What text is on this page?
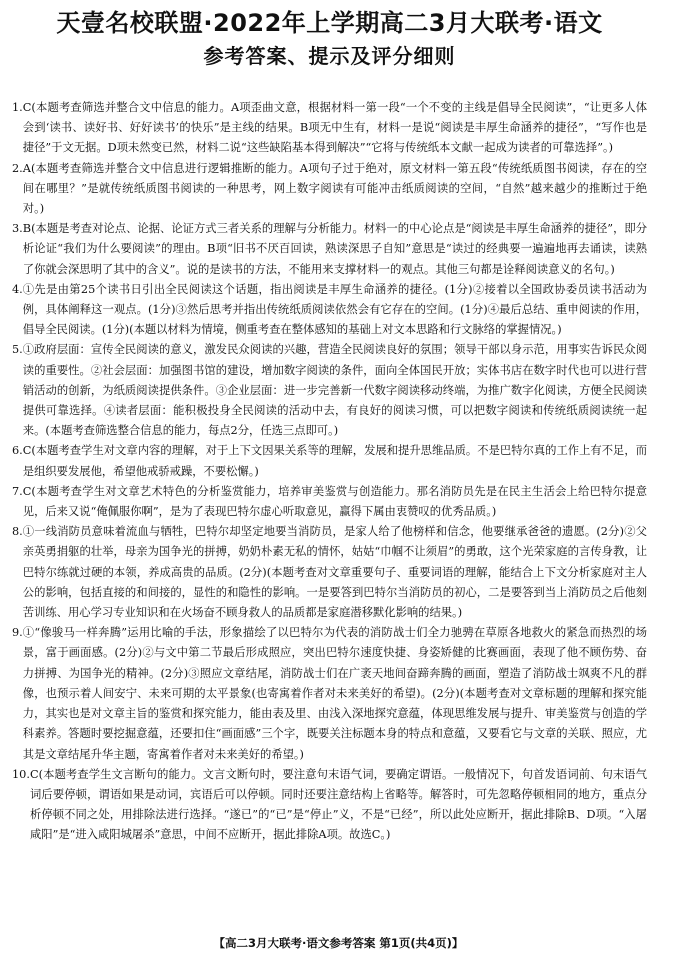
天壹名校联盟·2022年上学期高二3月大联考·语文
参考答案、提示及评分细则
1. C(本题考查筛选并整合文中信息的能力。A项歪曲文意，根据材料一第一段“一个不变的主线是倡导全民阅读”，“让更多人体会到‘读书、读好书、好好读书’的快乐”是主线的结果。B项无中生有，材料一是说“阅读是丰厚生命涵养的捷径”，“写作也是捷径”于文无据。D项未然变已然，材料二说“这些缺陷基本得到解决”“它将与传统纸本文献一起成为读者的可靠选择”。)
2. A(本题考查筛选并整合文中信息进行逻辑推断的能力。A项句子过于绝对，原文材料一第五段“传统纸质图书阅读，存在的空间在哪里？”是就传统纸质图书阅读的一种思考，网上数字阅读有可能冲击纸质阅读的空间，“自然”越来越少的推断过于绝对。)
3. B(本题是考查对论点、论据、论证方式三者关系的理解与分析能力。材料一的中心论点是“阅读是丰厚生命涵养的捷径”，即分析论证“我们为什么要阅读”的理由。B项“旧书不厌百回读，熟读深思子自知”意思是“读过的经典要一遍遍地再去诵读，读熟了你就会深思明了其中的含义”。说的是读书的方法，不能用来支撑材料一的观点。其他三句都是诠释阅读意义的名句。)
4. ①先是由第25个读书日引出全民阅读这个话题，指出阅读是丰厚生命涵养的捷径。(1分)②接着以全国政协委员读书活动为例，具体阐释这一观点。(1分)③然后思考并指出传统纸质阅读依然会有它存在的空间。(1分)④最后总结、重申阅读的作用，倡导全民阅读。(1分)(本题以材料为情境，侧重考查在整体感知的基础上对文本思路和行文脉络的掌握情况。)
5. ①政府层面：宣传全民阅读的意义，激发民众阅读的兴趣，营造全民阅读良好的氛围；领导干部以身示范，用事实告诉民众阅读的重要性。②社会层面：加强图书馆的建设，增加数字阅读的条件，面向全体国民开放；实体书店在数字时代也可以进行营销活动的创新，为纸质阅读提供条件。③企业层面：进一步完善新一代数字阅读移动终端，为推广数字化阅读，方便全民阅读提供可靠选择。④读者层面：能积极投身全民阅读的活动中去，有良好的阅读习惯，可以把数字阅读和传统纸质阅读统一起来。(本题考查筛选整合信息的能力，每点2分，任选三点即可。)
6. C(本题考查学生对文章内容的理解，对于上下文因果关系等的理解，发展和提升思维品质。不是巴特尔真的工作上有不足，而是组织要发展他，希望他戒骄戒躁，不要松懈。)
7. C(本题考查学生对文章艺术特色的分析鉴赏能力，培养审美鉴赏与创造能力。那名消防员先是在民主生活会上给巴特尔提意见，后来又说“俺佩服你啊”，是为了表现巴特尔虚心听取意见，赢得下属由衷赞叹的优秀品质。)
8. ①一线消防员意味着流血与牺牲，巴特尔却坚定地要当消防员，是家人给了他榜样和信念，他要继承爸爸的遗愿。(2分)②父亲英勇捐躯的壮举，母亲为国争光的拼搏，奶奶朴素无私的情怀，姑姑“巾帼不让须眉”的勇敢，这个光荣家庭的言传身教，让巴特尔练就过硬的本领，养成高贵的品质。(2分)(本题考查对文章重要句子、重要词语的理解，能结合上下文分析家庭对主人公的影响，包括直接的和间接的，显性的和隐性的影响。一是要答到巴特尔当消防员的初心，二是要答到当上消防员之后他刻苦训练、用心学习专业知识和在火场奋不顾身救人的品质都是家庭潜移默化影响的结果。)
9. ①“像骏马一样奔腾”运用比喻的手法，形象描绘了以巴特尔为代表的消防战士们全力驰骋在草原各地救火的紧急而热烈的场景，富于画面感。(2分)②与文中第二节最后形成照应，突出巴特尔速度快捷、身姿矫健的比赛画面，表现了他不顾伤势、奋力拼搏、为国争光的精神。(2分)③照应文章结尾，消防战士们在广袤天地间奋蹄奔腾的画面，塑造了消防战士飒爽不凡的群像，也预示着人间安宁、未来可期的太平景象(也寄寓着作者对未来美好的希望)。(2分)(本题考查对文章标题的理解和探究能力，其实也是对文章主旨的鉴赏和探究能力，能由表及里、由浅入深地探究意蕴，体现思维发展与提升、审美鉴赏与创造的学科素养。答题时要挖掘意蕴，还要扣住“画面感”三个字，既要关注标题本身的特点和意蕴，又要看它与文章的关联、照应，尤其是文章结尾升华主题，寄寓着作者对未来美好的希望。)
10. C(本题考查学生文言断句的能力。文言文断句时，要注意句末语气词，要确定谓语。一般情况下，句首发语词前、句末语气词后要停顿，谓语如果是动词，宾语后可以停顿。同时还要注意结构上省略等。解答时，可先忽略停顿相同的地方，重点分析停顿不同之处，用排除法进行选择。“遂已”的“已”是“停止”义，不是“已经”，所以此处应断开，据此排除B、D项。“入屠咸阳”是“进入咸阳城屠杀”意思，中间不应断开，据此排除A项。故选C。)
【高二3月大联考·语文参考答案 第1页(共4页)】
